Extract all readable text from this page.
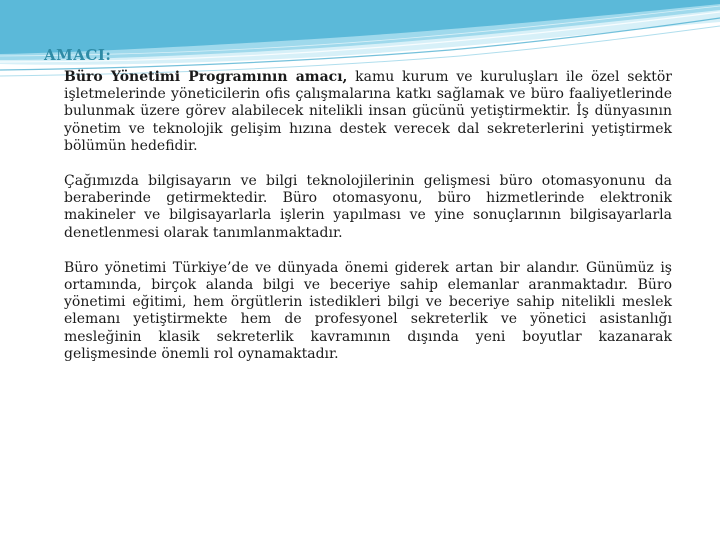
AMACI:

Büro Yönetimi Programının amacı, kamu kurum ve kuruluşları ile özel sektör işletmelerinde yöneticilerin ofis çalışmalarına katkı sağlamak ve büro faaliyetlerinde bulunmak üzere görev alabilecek nitelikli insan gücünü yetiştirmektir. İş dünyasının yönetim ve teknolojik gelişim hızına destek verecek dal sekreterlerini yetiştirmek bölümün hedefidir.

Çağımızda bilgisayarın ve bilgi teknolojilerinin gelişmesi büro otomasyonunu da beraberinde getirmektedir. Büro otomasyonu, büro hizmetlerinde elektronik makineler ve bilgisayarlarla işlerin yapılması ve yine sonuçlarının bilgisayarlarla denetlenmesi olarak tanımlanmaktadır.

Büro yönetimi Türkiye’de ve dünyada önemi giderek artan bir alandır. Günümüz iş ortamında, birçok alanda bilgi ve beceriye sahip elemanlar aranmaktadır. Büro yönetimi eğitimi, hem örgütlerin istedikleri bilgi ve beceriye sahip nitelikli meslek elemanı yetiştirmekte hem de profesyonel sekreterlik ve yönetici asistanlığı mesleğinin klasik sekreterlik kavramının dışında yeni boyutlar kazanarak gelişmesinde önemli rol oynamaktadır.
